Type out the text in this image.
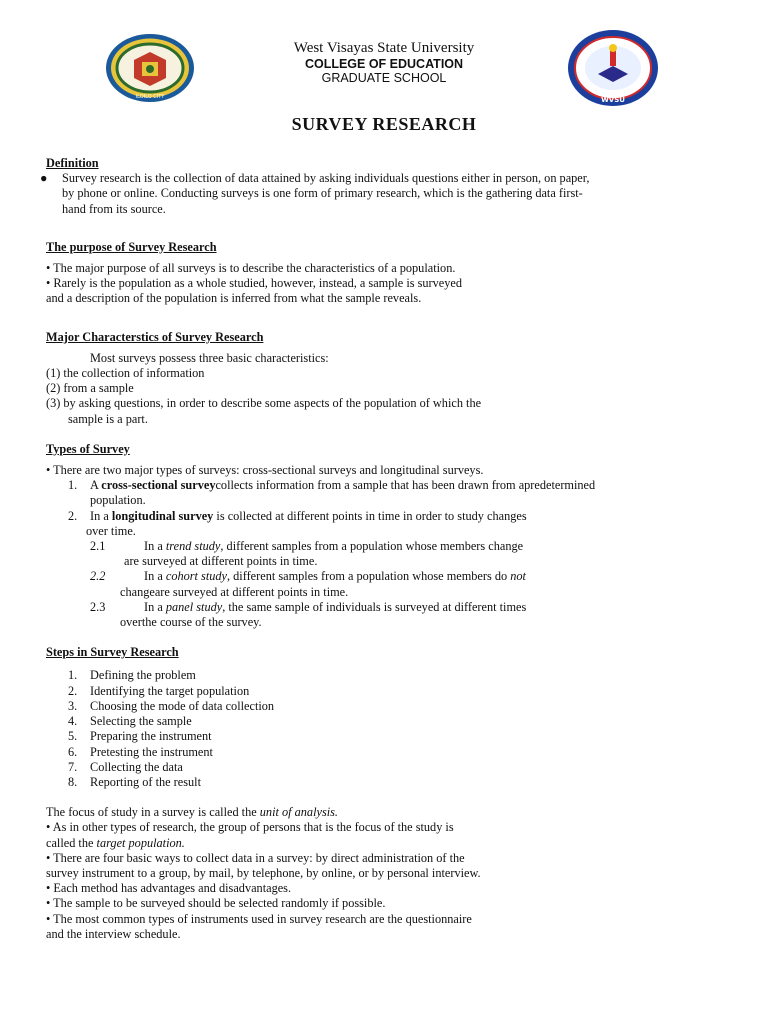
ILOILO CITY	WVSU
West Visayas State University
COLLEGE OF EDUCATION
GRADUATE SCHOOL
SURVEY RESEARCH

Definition

● Survey research is the collection of data attained by asking individuals questions either in person, on paper,
by phone or online. Conducting surveys is one form of primary research, which is the gathering data first-
hand from its source.

The purpose of Survey Research

• The major purpose of all surveys is to describe the characteristics of a population.

• Rarely is the population as a whole studied, however, instead, a sample is surveyed

and a description of the population is inferred from what the sample reveals.

Major Characterstics of Survey Research

Most surveys possess three basic characteristics:

(1) the collection of information

(2) from a sample

(3) by asking questions, in order to describe some aspects of the population of which the

sample is a part.

Types of Survey

• There are two major types of surveys: cross-sectional surveys and longitudinal surveys.

1. A cross-sectional surveycollects information from a sample that has been drawn from apredetermined

population.

2. In a longitudinal survey is collected at different points in time in order to study changes

over time.

2.1	In a trend study, different samples from a population whose members change

are surveyed at different points in time.

2.2	In a cohort study, different samples from a population whose members do not

changeare surveyed at different points in time.

2.3	In a panel study, the same sample of individuals is surveyed at different times

overthe course of the survey.

Steps in Survey Research

1. Defining the problem
2. Identifying the target population
3. Choosing the mode of data collection
4. Selecting the sample
5. Preparing the instrument
6. Pretesting the instrument
7. Collecting the data
8. Reporting of the result

The focus of study in a survey is called the unit of analysis.

• As in other types of research, the group of persons that is the focus of the study is

called the target population.

• There are four basic ways to collect data in a survey: by direct administration of the

survey instrument to a group, by mail, by telephone, by online, or by personal interview.

• Each method has advantages and disadvantages.

• The sample to be surveyed should be selected randomly if possible.

• The most common types of instruments used in survey research are the questionnaire

and the interview schedule.
